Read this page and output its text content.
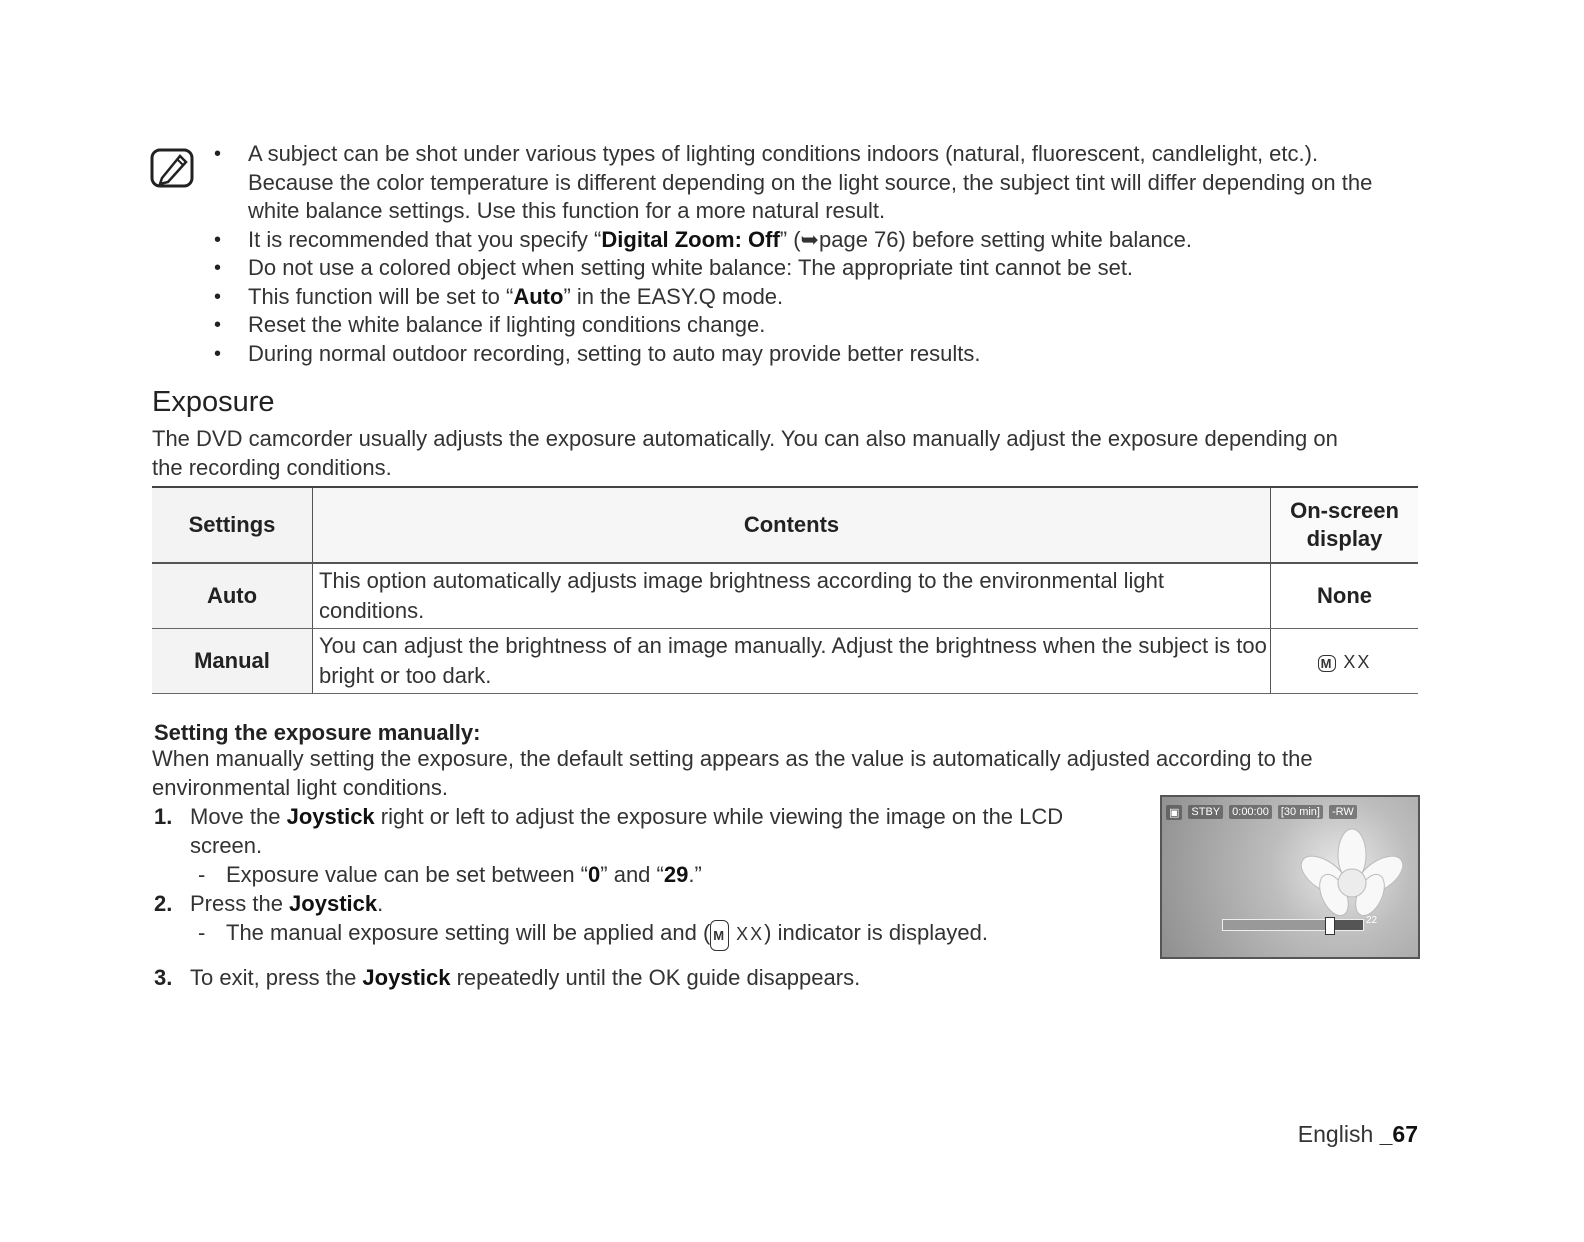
• A subject can be shot under various types of lighting conditions indoors (natural, fluorescent, candlelight, etc.). Because the color temperature is different depending on the light source, the subject tint will differ depending on the white balance settings. Use this function for a more natural result.
• It is recommended that you specify “Digital Zoom: Off” (➥page 76) before setting white balance.
• Do not use a colored object when setting white balance: The appropriate tint cannot be set.
• This function will be set to “Auto” in the EASY.Q mode.
• Reset the white balance if lighting conditions change.
• During normal outdoor recording, setting to auto may provide better results.
Exposure

The DVD camcorder usually adjusts the exposure automatically. You can also manually adjust the exposure depending on the recording conditions.

Settings	Contents	On-screen display
Auto	This option automatically adjusts image brightness according to the environmental light conditions.	None
Manual	You can adjust the brightness of an image manually. Adjust the brightness when the subject is too bright or too dark.	M XX
Setting the exposure manually:

When manually setting the exposure, the default setting appears as the value is automatically adjusted according to the environmental light conditions.

1. Move the Joystick right or left to adjust the exposure while viewing the image on the LCD screen.
- Exposure value can be set between “0” and “29.”
2. Press the Joystick.
- The manual exposure setting will be applied and ( M XX) indicator is displayed.
3. To exit, press the Joystick repeatedly until the OK guide disappears.
▣ STBY 0:00:00 [30 min] -RW
22
English _67
